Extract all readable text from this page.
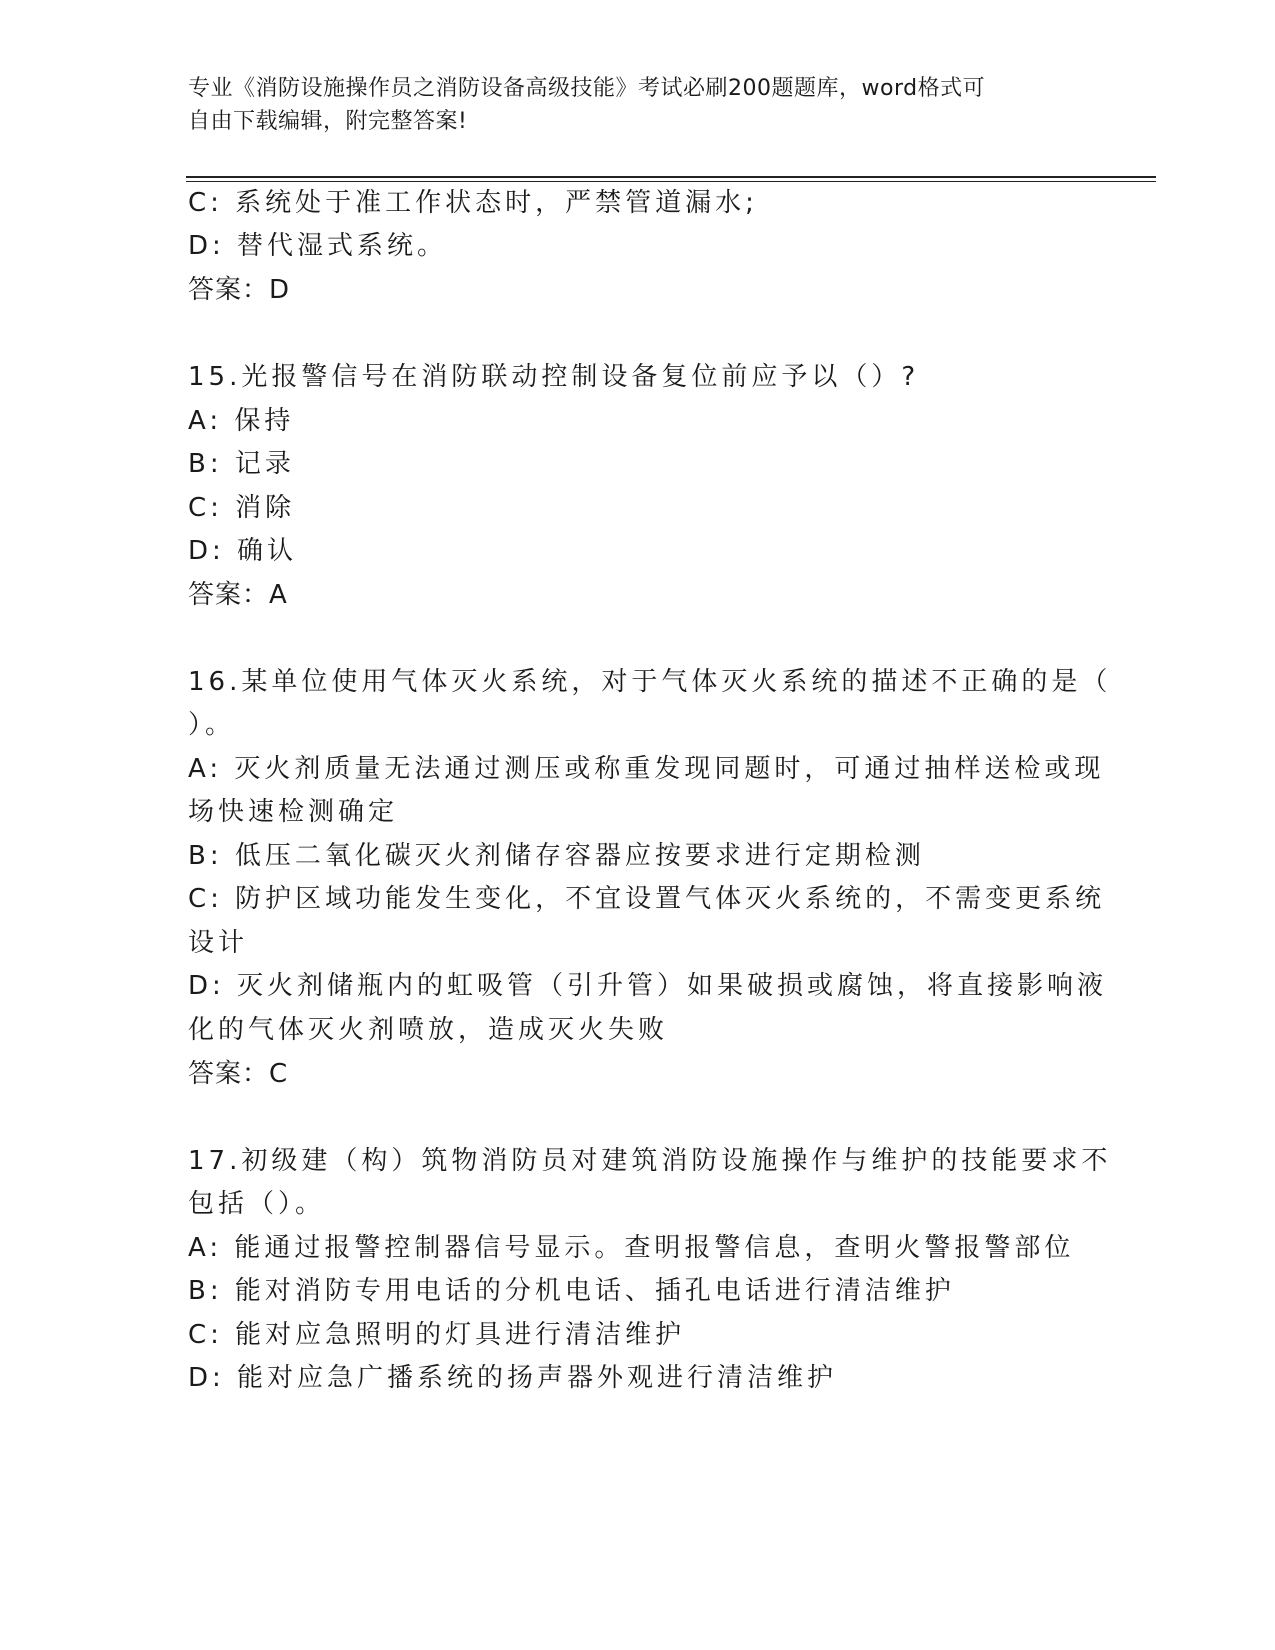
专业《消防设施操作员之消防设备高级技能》考试必刷200题题库，word格式可
自由下载编辑，附完整答案!
C: 系统处于准工作状态时，严禁管道漏水;
D: 替代湿式系统。
答案：D
15.光报警信号在消防联动控制设备复位前应予以（）?
A: 保持
B: 记录
C: 消除
D: 确认
答案：A
16.某单位使用气体灭火系统，对于气体灭火系统的描述不正确的是（
）。
A: 灭火剂质量无法通过测压或称重发现同题时，可通过抽样送检或现
场快速检测确定
B: 低压二氧化碳灭火剂储存容器应按要求进行定期检测
C: 防护区域功能发生变化，不宜设置气体灭火系统的，不需变更系统
设计
D: 灭火剂储瓶内的虹吸管（引升管）如果破损或腐蚀，将直接影响液
化的气体灭火剂喷放，造成灭火失败
答案：C
17.初级建（构）筑物消防员对建筑消防设施操作与维护的技能要求不
包括（）。
A: 能通过报警控制器信号显示。查明报警信息，查明火警报警部位
B: 能对消防专用电话的分机电话、插孔电话进行清洁维护
C: 能对应急照明的灯具进行清洁维护
D: 能对应急广播系统的扬声器外观进行清洁维护
